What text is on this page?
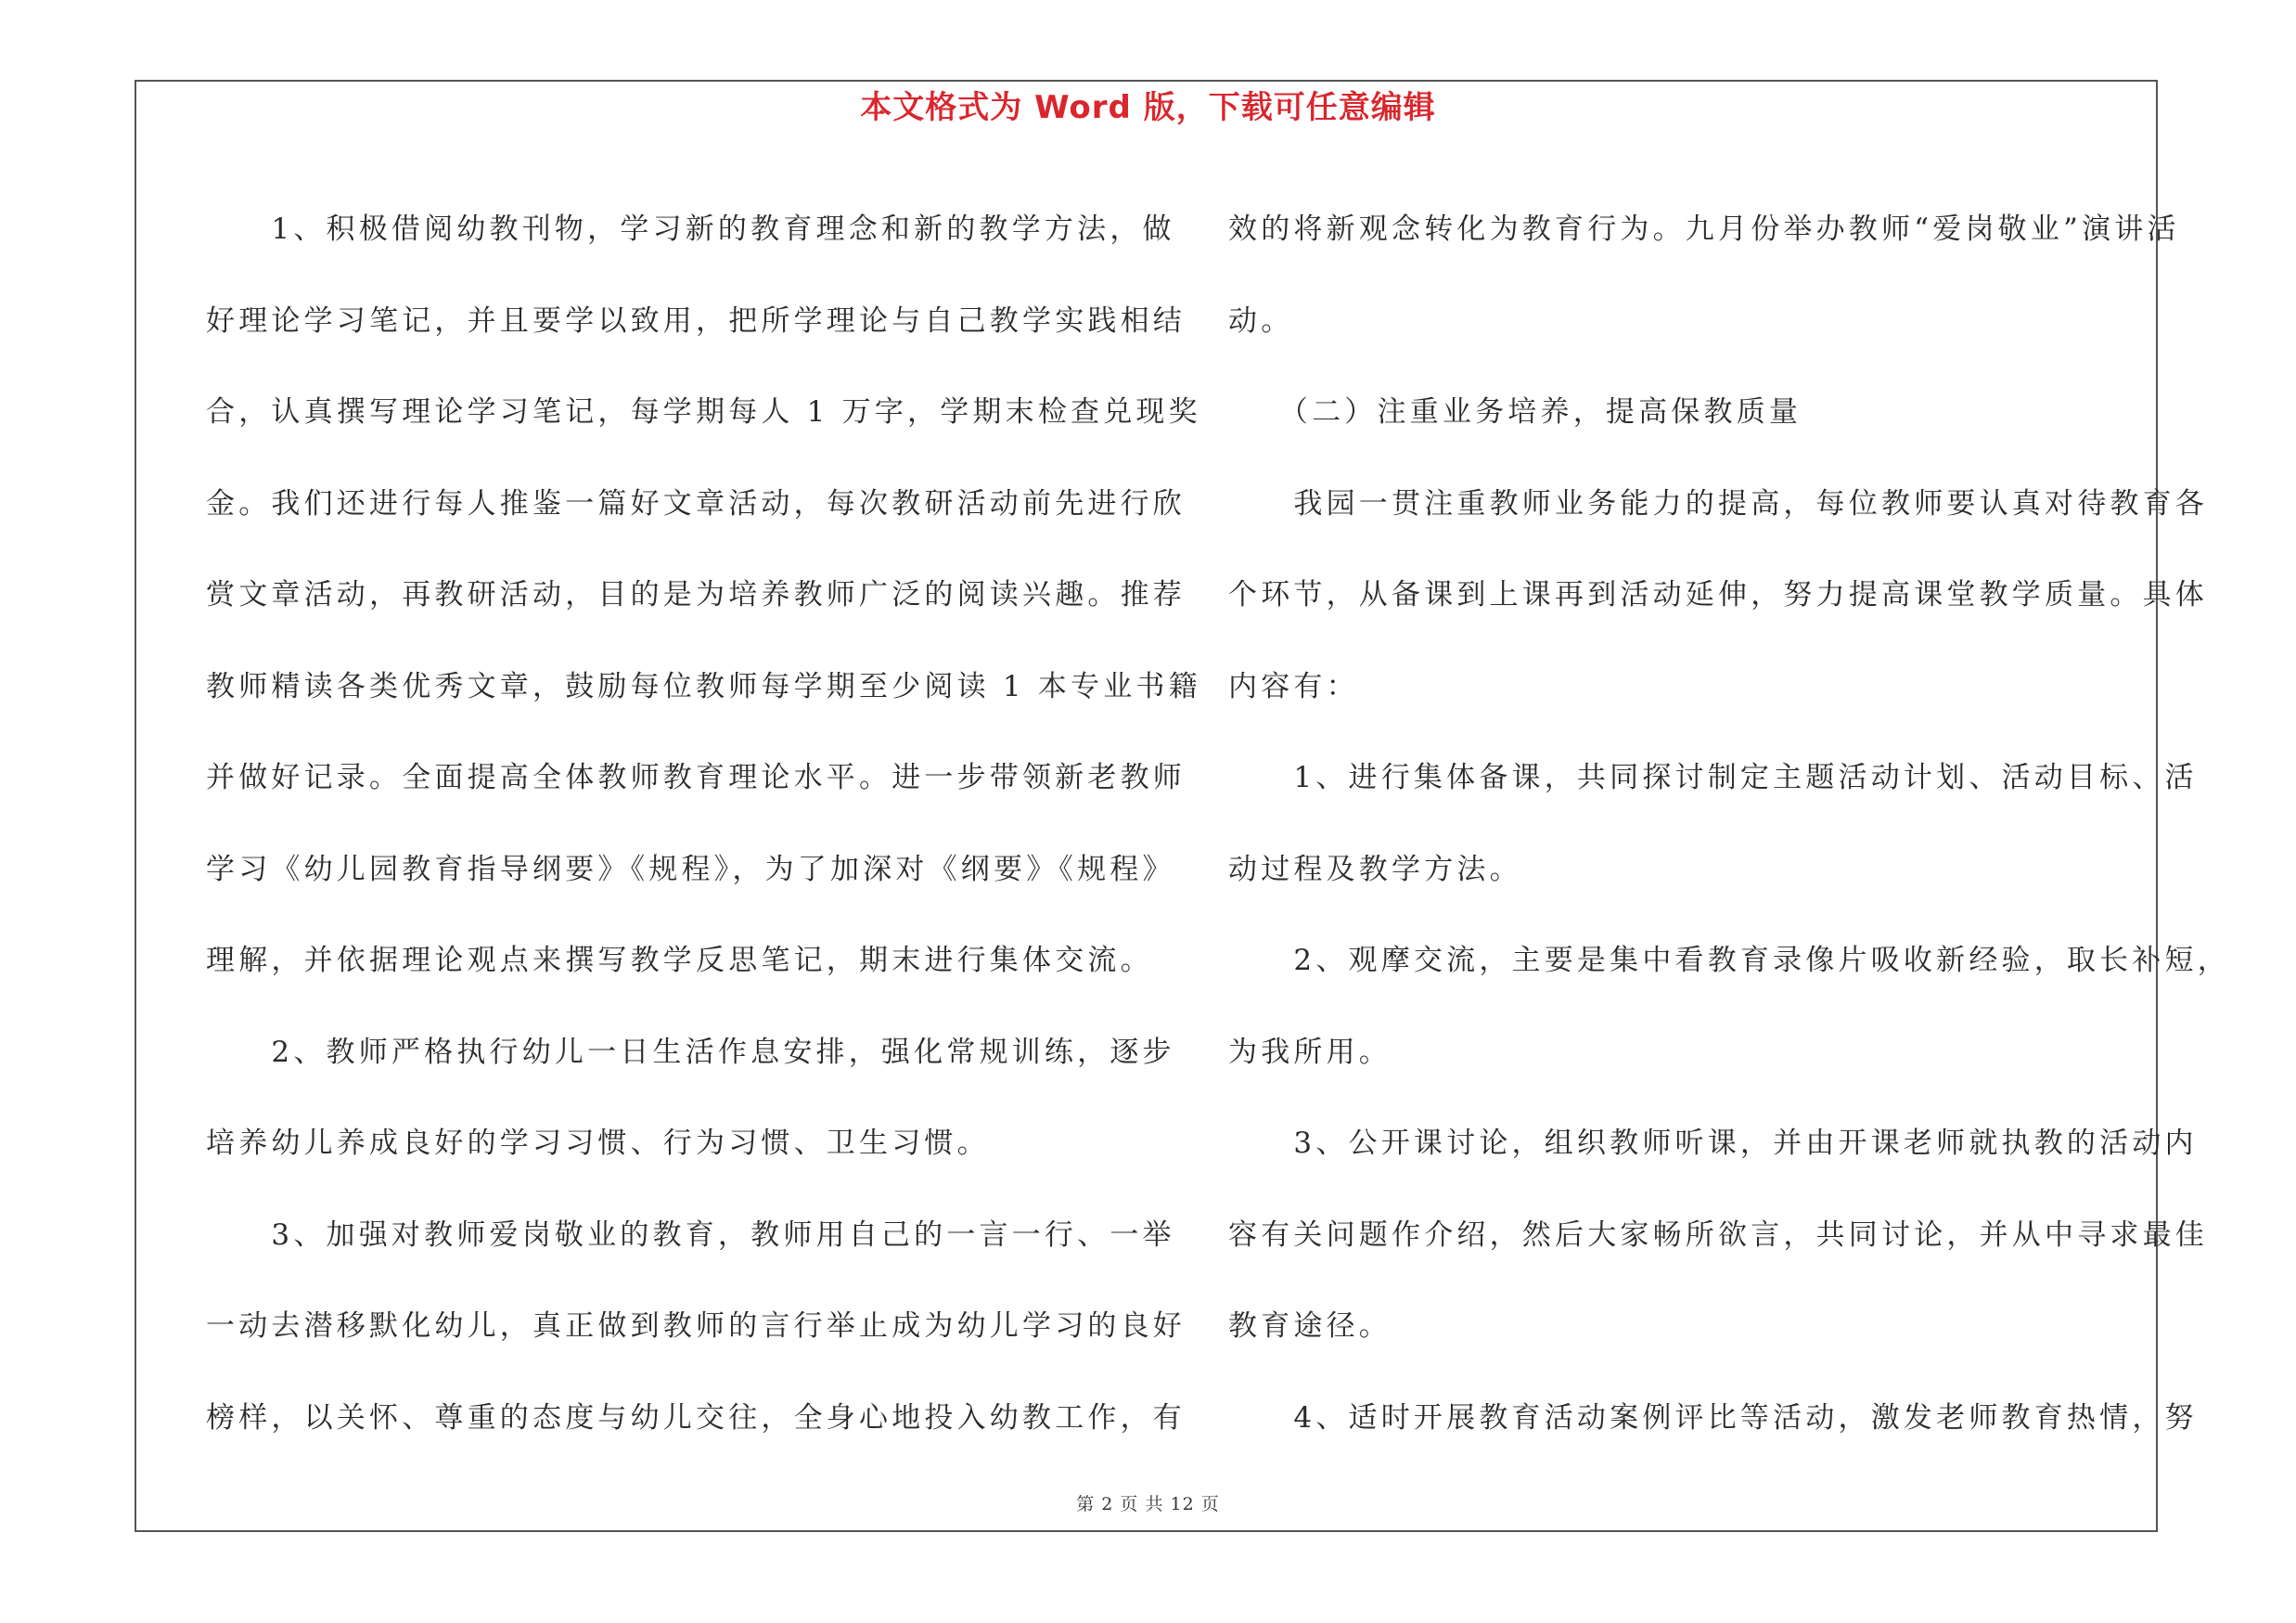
本文格式为 Word 版，下载可任意编辑
　　1、积极借阅幼教刊物，学习新的教育理念和新的教学方法，做
好理论学习笔记，并且要学以致用，把所学理论与自己教学实践相结
合，认真撰写理论学习笔记，每学期每人 1 万字，学期末检查兑现奖
金。我们还进行每人推鉴一篇好文章活动，每次教研活动前先进行欣
赏文章活动，再教研活动，目的是为培养教师广泛的阅读兴趣。推荐
教师精读各类优秀文章，鼓励每位教师每学期至少阅读 1 本专业书籍
并做好记录。全面提高全体教师教育理论水平。进一步带领新老教师
学习《幼儿园教育指导纲要》《规程》，为了加深对《纲要》《规程》
理解，并依据理论观点来撰写教学反思笔记，期末进行集体交流。
　　2、教师严格执行幼儿一日生活作息安排，强化常规训练，逐步
培养幼儿养成良好的学习习惯、行为习惯、卫生习惯。
　　3、加强对教师爱岗敬业的教育，教师用自己的一言一行、一举
一动去潜移默化幼儿，真正做到教师的言行举止成为幼儿学习的良好
榜样，以关怀、尊重的态度与幼儿交往，全身心地投入幼教工作，有
效的将新观念转化为教育行为。九月份举办教师“爱岗敬业”演讲活
动。
　　（二）注重业务培养，提高保教质量
　　我园一贯注重教师业务能力的提高，每位教师要认真对待教育各
个环节，从备课到上课再到活动延伸，努力提高课堂教学质量。具体
内容有：
　　1、进行集体备课，共同探讨制定主题活动计划、活动目标、活
动过程及教学方法。
　　2、观摩交流，主要是集中看教育录像片吸收新经验，取长补短，
为我所用。
　　3、公开课讨论，组织教师听课，并由开课老师就执教的活动内
容有关问题作介绍，然后大家畅所欲言，共同讨论，并从中寻求最佳
教育途径。
　　4、适时开展教育活动案例评比等活动，激发老师教育热情，努
第 2 页 共 12 页
